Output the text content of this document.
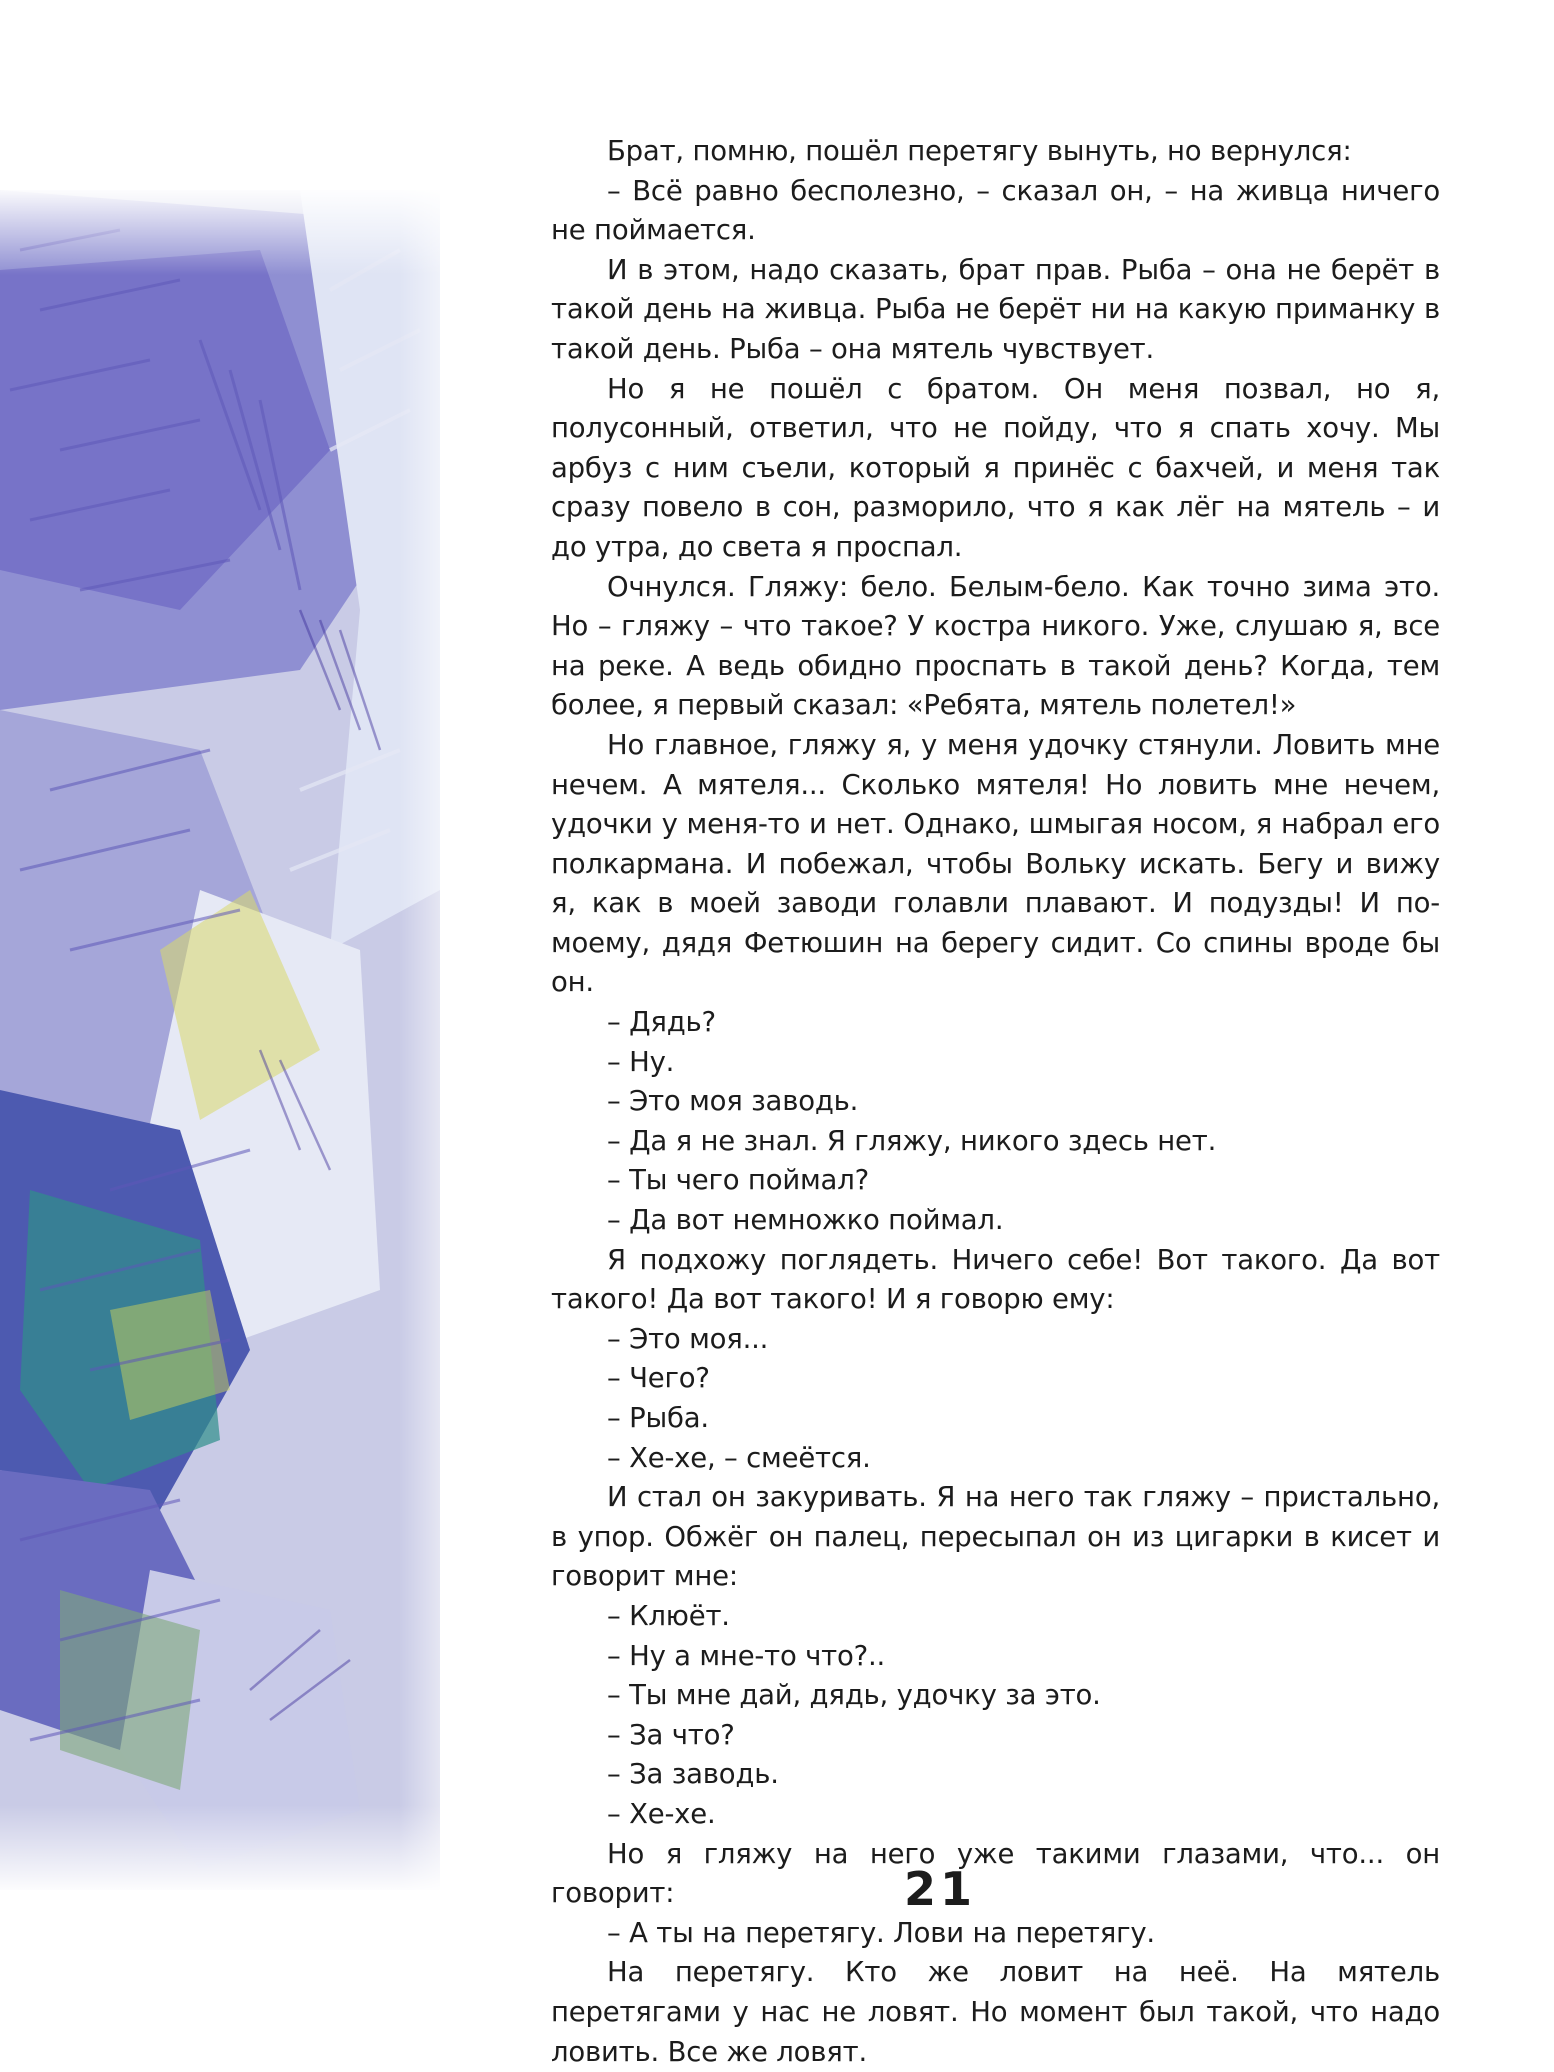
Брат, помню, пошёл перетягу вынуть, но вернулся:

– Всё равно бесполезно, – сказал он, – на живца ничего не поймается.

И в этом, надо сказать, брат прав. Рыба – она не берёт в такой день на живца. Рыба не берёт ни на какую приманку в такой день. Рыба – она мятель чувствует.

Но я не пошёл с братом. Он меня позвал, но я, полусонный, ответил, что не пойду, что я спать хочу. Мы арбуз с ним съели, который я принёс с бахчей, и меня так сразу повело в сон, разморило, что я как лёг на мятель – и до утра, до света я проспал.

Очнулся. Гляжу: бело. Белым-бело. Как точно зима это. Но – гляжу – что такое? У костра никого. Уже, слушаю я, все на реке. А ведь обидно проспать в такой день? Когда, тем более, я первый сказал: «Ребята, мятель полетел!»

Но главное, гляжу я, у меня удочку стянули. Ловить мне нечем. А мятеля... Сколько мятеля! Но ловить мне нечем, удочки у меня-то и нет. Однако, шмыгая носом, я набрал его полкармана. И побежал, чтобы Вольку искать. Бегу и вижу я, как в моей заводи голавли плавают. И подузды! И по-моему, дядя Фетюшин на берегу сидит. Со спины вроде бы он.

– Дядь?

– Ну.

– Это моя заводь.

– Да я не знал. Я гляжу, никого здесь нет.

– Ты чего поймал?

– Да вот немножко поймал.

Я подхожу поглядеть. Ничего себе! Вот такого. Да вот такого! Да вот такого! И я говорю ему:

– Это моя...

– Чего?

– Рыба.

– Хе-хе, – смеётся.

И стал он закуривать. Я на него так гляжу – пристально, в упор. Обжёг он палец, пересыпал он из цигарки в кисет и говорит мне:

– Клюёт.

– Ну а мне-то что?..

– Ты мне дай, дядь, удочку за это.

– За что?

– За заводь.

– Хе-хе.

Но я гляжу на него уже такими глазами, что... он говорит:

– А ты на перетягу. Лови на перетягу.

На перетягу. Кто же ловит на неё. На мятель перетягами у нас не ловят. Но момент был такой, что надо ловить. Все же ловят.

21
